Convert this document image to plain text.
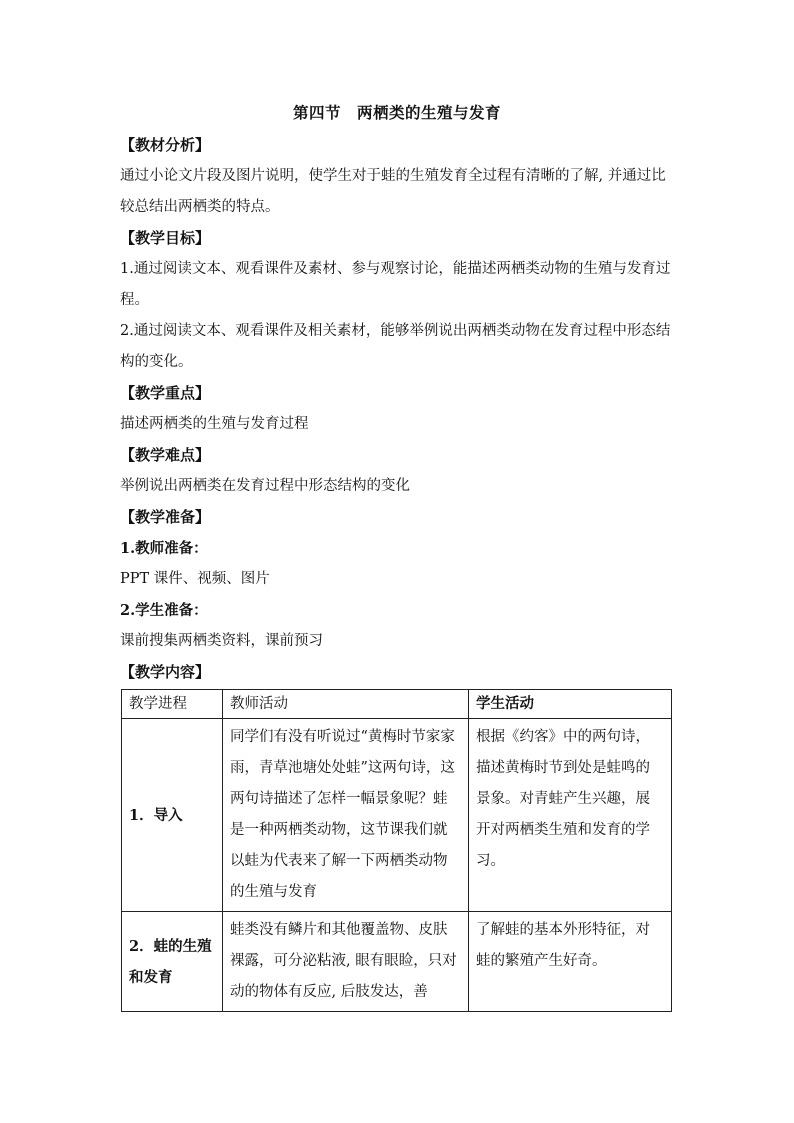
第四节　两栖类的生殖与发育
【教材分析】
通过小论文片段及图片说明，使学生对于蛙的生殖发育全过程有清晰的了解, 并通过比较总结出两栖类的特点。
【教学目标】
1.通过阅读文本、观看课件及素材、参与观察讨论，能描述两栖类动物的生殖与发育过程。
2.通过阅读文本、观看课件及相关素材，能够举例说出两栖类动物在发育过程中形态结构的变化。
【教学重点】
描述两栖类的生殖与发育过程
【教学难点】
举例说出两栖类在发育过程中形态结构的变化
【教学准备】
1.教师准备：
PPT 课件、视频、图片
2.学生准备：
课前搜集两栖类资料，课前预习
【教学内容】
教学进程	教师活动	学生活动
1．导入	同学们有没有听说过“黄梅时节家家雨，青草池塘处处蛙”这两句诗，这两句诗描述了怎样一幅景象呢？蛙是一种两栖类动物，这节课我们就以蛙为代表来了解一下两栖类动物的生殖与发育	根据《约客》中的两句诗，描述黄梅时节到处是蛙鸣的景象。对青蛙产生兴趣，展开对两栖类生殖和发育的学习。
2．蛙的生殖和发育	蛙类没有鳞片和其他覆盖物、皮肤裸露，可分泌粘液, 眼有眼睑，只对动的物体有反应, 后肢发达，善	了解蛙的基本外形特征，对蛙的繁殖产生好奇。
